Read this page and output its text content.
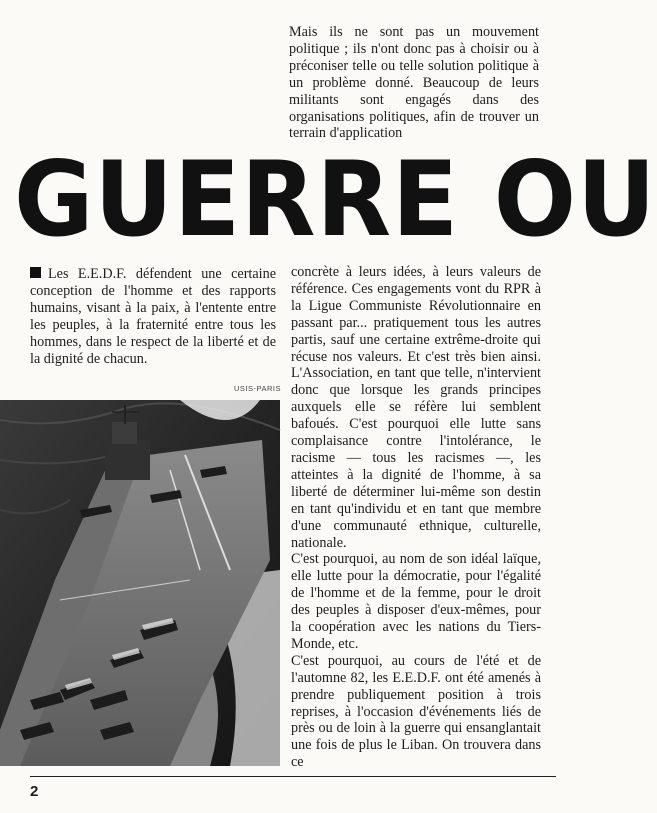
Mais ils ne sont pas un mouvement politique ; ils n'ont donc pas à choisir ou à préconiser telle ou telle solution politique à un problème donné. Beaucoup de leurs militants sont engagés dans des organisations politiques, afin de trouver un terrain d'application

GUERRE OU

Les E.E.D.F. défendent une certaine conception de l'homme et des rapports humains, visant à la paix, à l'entente entre les peuples, à la fraternité entre tous les hommes, dans le respect de la liberté et de la dignité de chacun.

USIS-PARIS

concrète à leurs idées, à leurs valeurs de référence. Ces engagements vont du RPR à la Ligue Communiste Révolutionnaire en passant par... pratiquement tous les autres partis, sauf une certaine extrême-droite qui récuse nos valeurs. Et c'est très bien ainsi. L'Association, en tant que telle, n'intervient donc que lorsque les grands principes auxquels elle se réfère lui semblent bafoués. C'est pourquoi elle lutte sans complaisance contre l'intolérance, le racisme — tous les racismes —, les atteintes à la dignité de l'homme, à sa liberté de déterminer lui-même son destin en tant qu'individu et en tant que membre d'une communauté ethnique, culturelle, nationale.

C'est pourquoi, au nom de son idéal laïque, elle lutte pour la démocratie, pour l'égalité de l'homme et de la femme, pour le droit des peuples à disposer d'eux-mêmes, pour la coopération avec les nations du Tiers-Monde, etc.

C'est pourquoi, au cours de l'été et de l'automne 82, les E.E.D.F. ont été amenés à prendre publiquement position à trois reprises, à l'occasion d'événements liés de près ou de loin à la guerre qui ensanglantait une fois de plus le Liban. On trouvera dans ce

2
